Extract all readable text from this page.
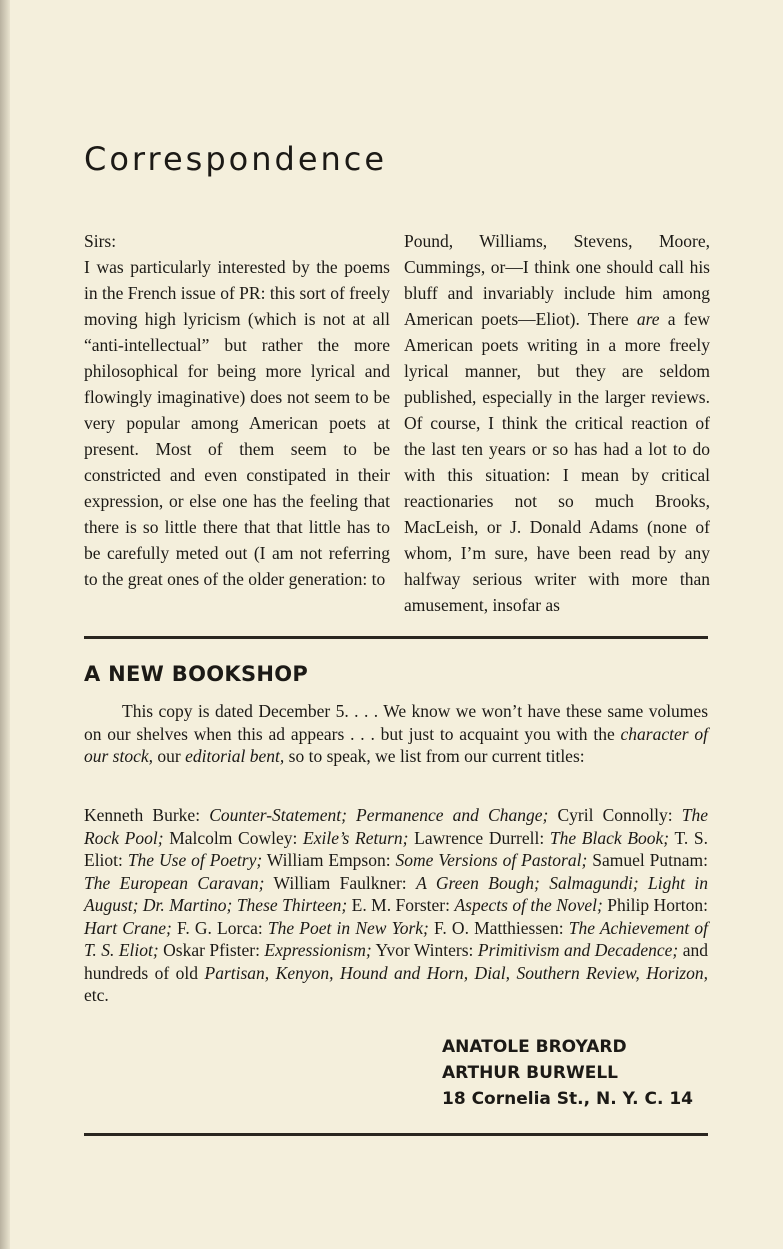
Correspondence

Sirs:

I was particularly interested by the poems in the French issue of PR: this sort of freely moving high lyricism (which is not at all “anti-intellectual” but rather the more philosophical for being more lyrical and flowingly imaginative) does not seem to be very popular among American poets at present. Most of them seem to be constricted and even constipated in their expression, or else one has the feeling that there is so little there that that little has to be carefully meted out (I am not referring to the great ones of the older generation: to

Pound, Williams, Stevens, Moore, Cummings, or—I think one should call his bluff and invariably include him among American poets—Eliot). There are a few American poets writing in a more freely lyrical manner, but they are seldom published, especially in the larger reviews. Of course, I think the critical reaction of the last ten years or so has had a lot to do with this situation: I mean by critical reactionaries not so much Brooks, MacLeish, or J. Donald Adams (none of whom, I’m sure, have been read by any halfway serious writer with more than amusement, insofar as

A NEW BOOKSHOP

This copy is dated December 5. . . . We know we won’t have these same volumes on our shelves when this ad appears . . . but just to acquaint you with the character of our stock, our editorial bent, so to speak, we list from our current titles:

Kenneth Burke: Counter-Statement; Permanence and Change; Cyril Connolly: The Rock Pool; Malcolm Cowley: Exile’s Return; Lawrence Durrell: The Black Book; T. S. Eliot: The Use of Poetry; William Empson: Some Versions of Pastoral; Samuel Putnam: The European Caravan; William Faulkner: A Green Bough; Salmagundi; Light in August; Dr. Martino; These Thirteen; E. M. Forster: Aspects of the Novel; Philip Horton: Hart Crane; F. G. Lorca: The Poet in New York; F. O. Matthiessen: The Achievement of T. S. Eliot; Oskar Pfister: Expressionism; Yvor Winters: Primitivism and Decadence; and hundreds of old Partisan, Kenyon, Hound and Horn, Dial, Southern Review, Horizon, etc.

ANATOLE BROYARD
ARTHUR BURWELL
18 Cornelia St., N. Y. C. 14
